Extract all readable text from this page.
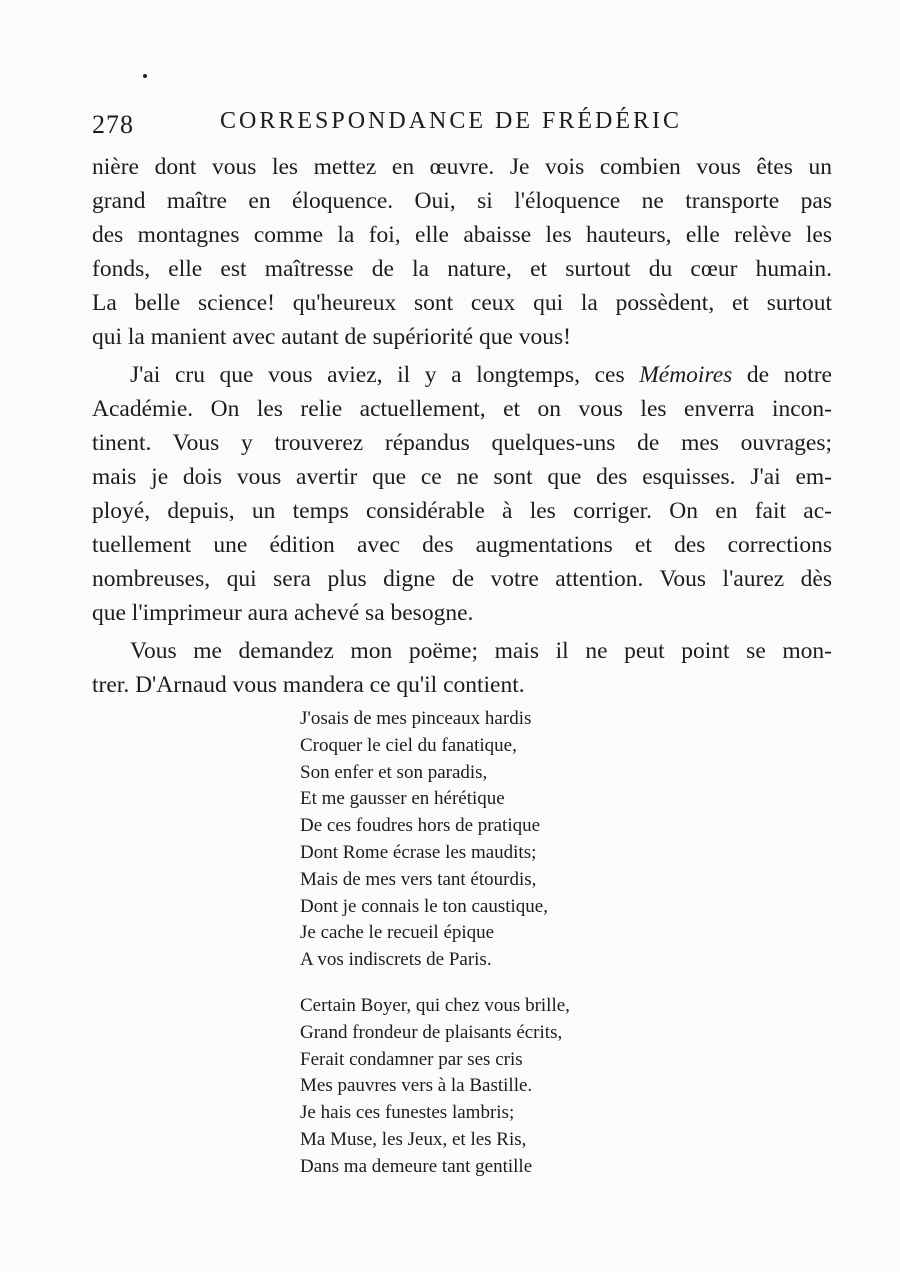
278	CORRESPONDANCE DE FRÉDÉRIC

nière dont vous les mettez en œuvre. Je vois combien vous êtes un
grand maître en éloquence. Oui, si l'éloquence ne transporte pas
des montagnes comme la foi, elle abaisse les hauteurs, elle relève les
fonds, elle est maîtresse de la nature, et surtout du cœur humain.
La belle science! qu'heureux sont ceux qui la possèdent, et surtout
qui la manient avec autant de supériorité que vous!

J'ai cru que vous aviez, il y a longtemps, ces Mémoires de notre
Académie. On les relie actuellement, et on vous les enverra incon-
tinent. Vous y trouverez répandus quelques-uns de mes ouvrages;
mais je dois vous avertir que ce ne sont que des esquisses. J'ai em-
ployé, depuis, un temps considérable à les corriger. On en fait ac-
tuellement une édition avec des augmentations et des corrections
nombreuses, qui sera plus digne de votre attention. Vous l'aurez dès
que l'imprimeur aura achevé sa besogne.

Vous me demandez mon poëme; mais il ne peut point se mon-
trer. D'Arnaud vous mandera ce qu'il contient.

J'osais de mes pinceaux hardis
Croquer le ciel du fanatique,
Son enfer et son paradis,
Et me gausser en hérétique
De ces foudres hors de pratique
Dont Rome écrase les maudits;
Mais de mes vers tant étourdis,
Dont je connais le ton caustique,
Je cache le recueil épique
A vos indiscrets de Paris.
Certain Boyer, qui chez vous brille,
Grand frondeur de plaisants écrits,
Ferait condamner par ses cris
Mes pauvres vers à la Bastille.
Je hais ces funestes lambris;
Ma Muse, les Jeux, et les Ris,
Dans ma demeure tant gentille
